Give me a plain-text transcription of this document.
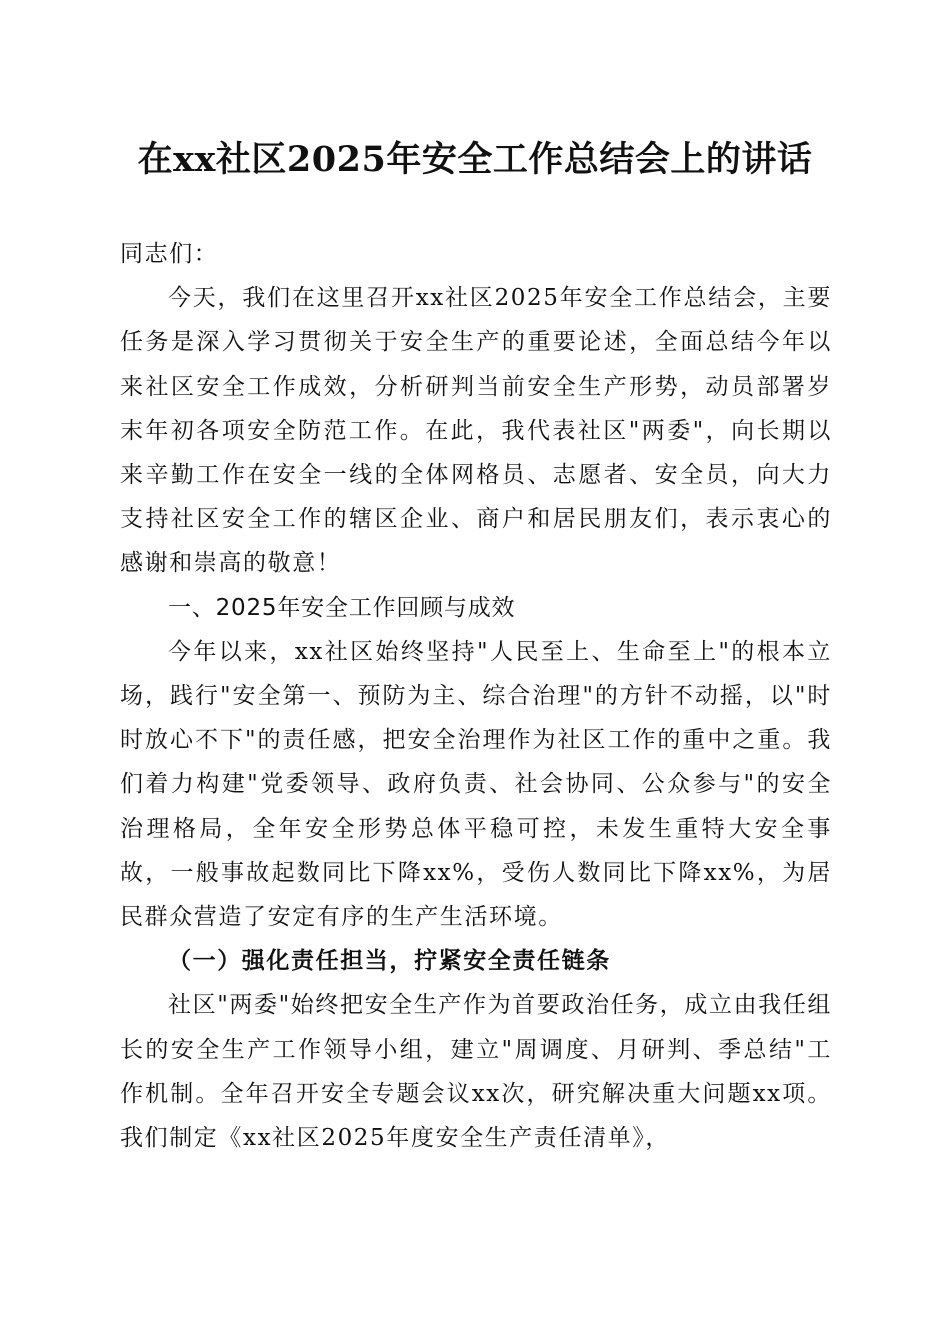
在xx社区2025年安全工作总结会上的讲话

同志们：

今天，我们在这里召开xx社区2025年安全工作总结会，主要任务是深入学习贯彻关于安全生产的重要论述，全面总结今年以来社区安全工作成效，分析研判当前安全生产形势，动员部署岁末年初各项安全防范工作。在此，我代表社区"两委"，向长期以来辛勤工作在安全一线的全体网格员、志愿者、安全员，向大力支持社区安全工作的辖区企业、商户和居民朋友们，表示衷心的感谢和崇高的敬意！

一、2025年安全工作回顾与成效

今年以来，xx社区始终坚持"人民至上、生命至上"的根本立场，践行"安全第一、预防为主、综合治理"的方针不动摇，以"时时放心不下"的责任感，把安全治理作为社区工作的重中之重。我们着力构建"党委领导、政府负责、社会协同、公众参与"的安全治理格局，全年安全形势总体平稳可控，未发生重特大安全事故，一般事故起数同比下降xx%，受伤人数同比下降xx%，为居民群众营造了安定有序的生产生活环境。

（一）强化责任担当，拧紧安全责任链条

社区"两委"始终把安全生产作为首要政治任务，成立由我任组长的安全生产工作领导小组，建立"周调度、月研判、季总结"工作机制。全年召开安全专题会议xx次，研究解决重大问题xx项。我们制定《xx社区2025年度安全生产责任清单》，
